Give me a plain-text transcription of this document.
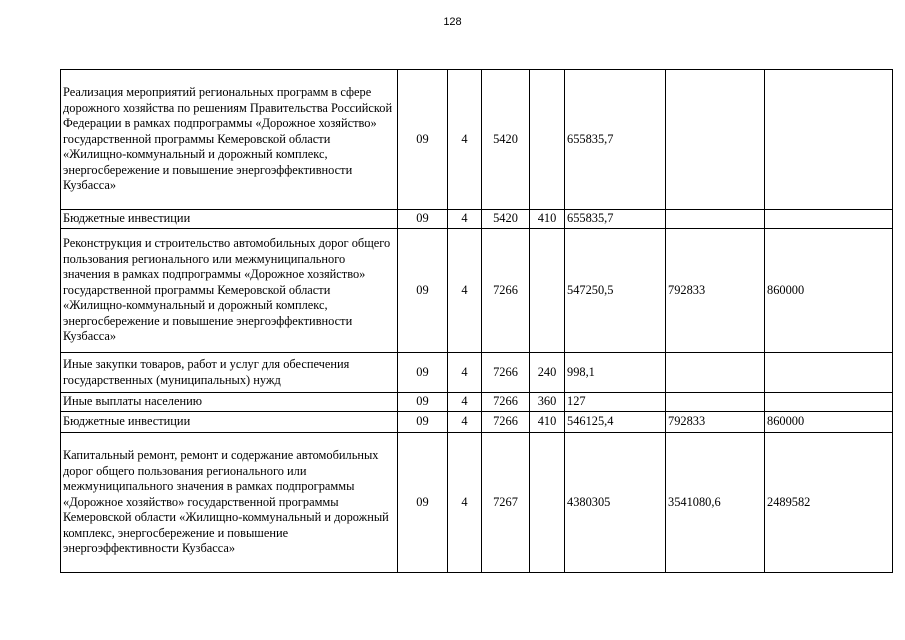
128
Реализация мероприятий региональных программ в сфере дорожного хозяйства по решениям Правительства Российской Федерации в рамках подпрограммы «Дорожное хозяйство» государственной программы Кемеровской области «Жилищно-коммунальный и дорожный комплекс, энергосбережение и повышение энергоэффективности Кузбасса»	09	4	5420		655835,7		
Бюджетные инвестиции	09	4	5420	410	655835,7		
Реконструкция и строительство автомобильных дорог общего пользования регионального или межмуниципального значения в рамках подпрограммы «Дорожное хозяйство» государственной программы Кемеровской области «Жилищно-коммунальный и дорожный комплекс, энергосбережение и повышение энергоэффективности Кузбасса»	09	4	7266		547250,5	792833	860000
Иные закупки товаров, работ и услуг для обеспечения государственных (муниципальных) нужд	09	4	7266	240	998,1		
Иные выплаты населению	09	4	7266	360	127		
Бюджетные инвестиции	09	4	7266	410	546125,4	792833	860000
Капитальный ремонт, ремонт и содержание автомобильных дорог общего пользования регионального или межмуниципального значения в рамках подпрограммы «Дорожное хозяйство» государственной программы Кемеровской области «Жилищно-коммунальный и дорожный комплекс, энергосбережение и повышение энергоэффективности Кузбасса»	09	4	7267		4380305	3541080,6	2489582
